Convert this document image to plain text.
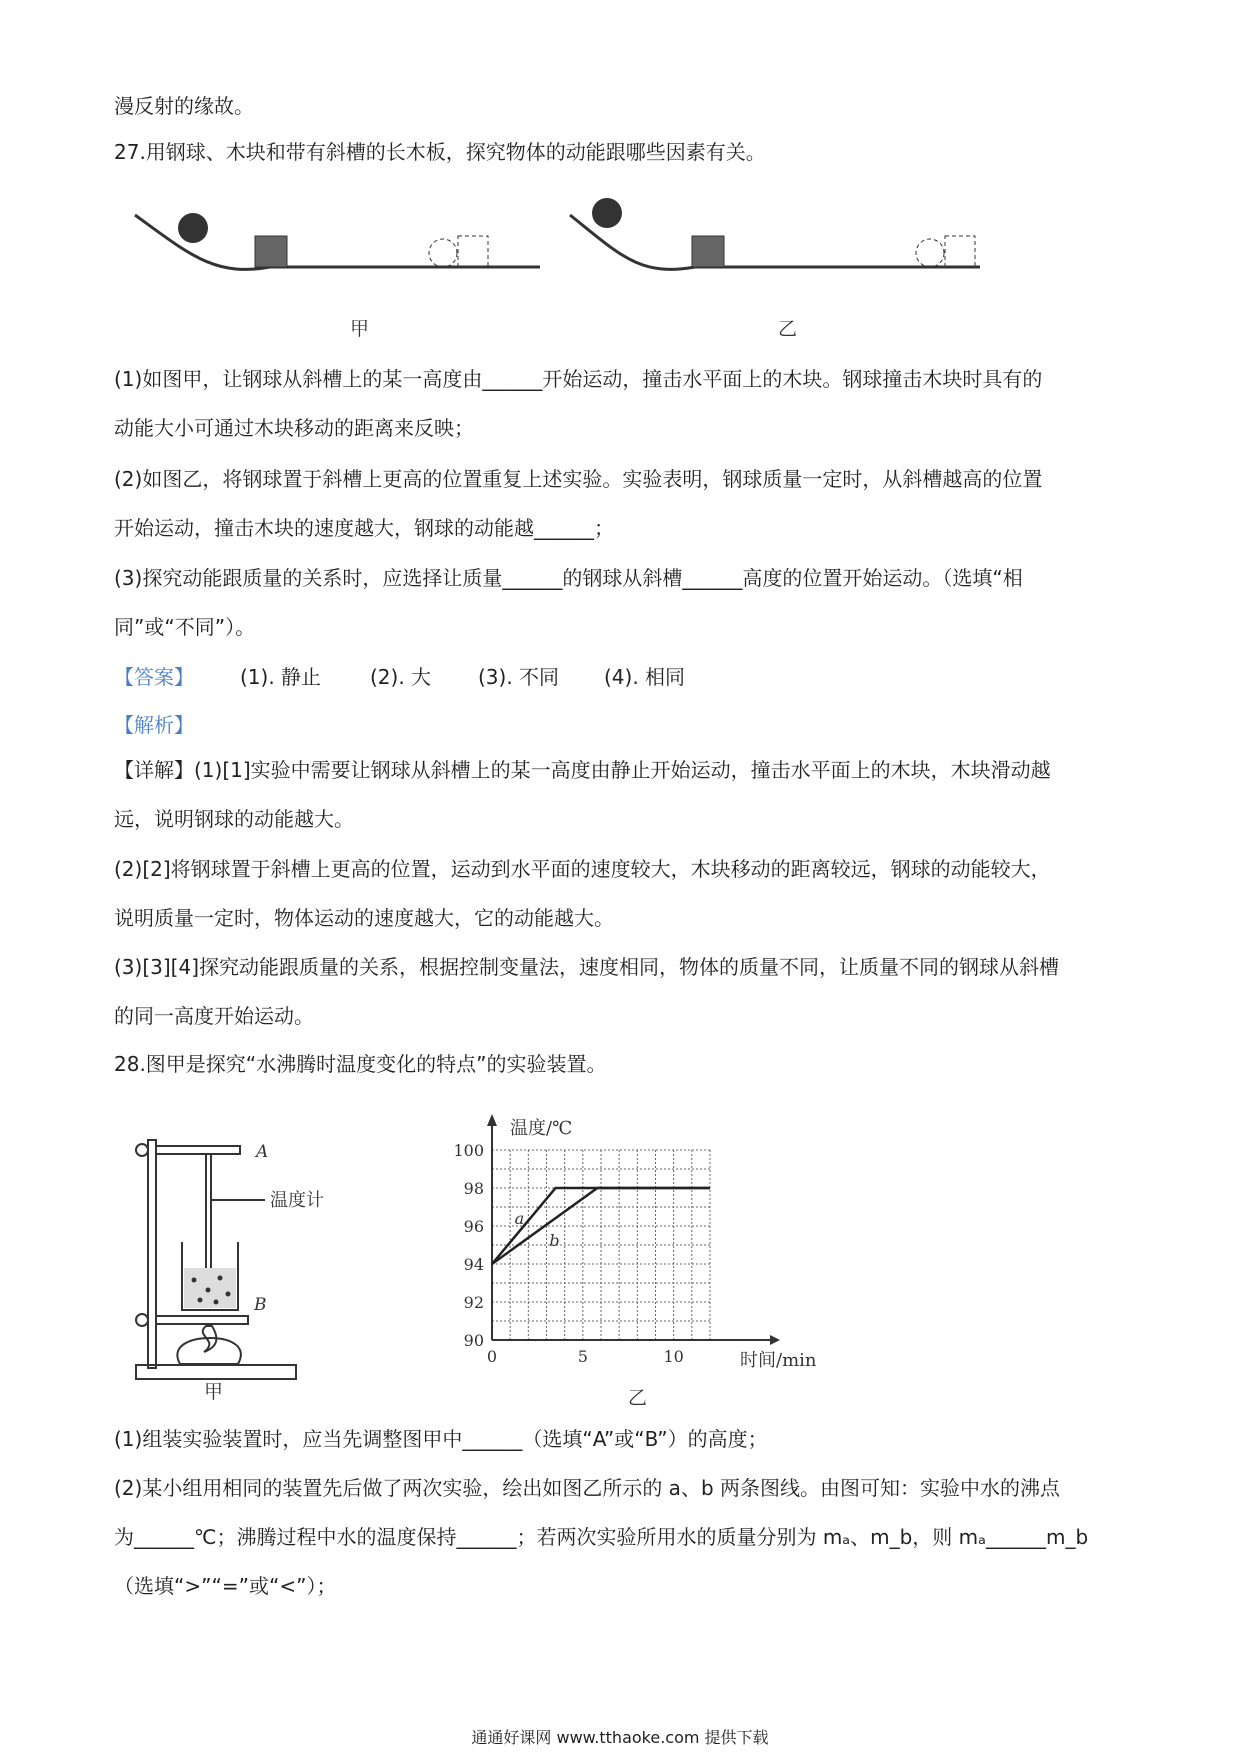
漫反射的缘故。
27.用钢球、木块和带有斜槽的长木板，探究物体的动能跟哪些因素有关。
甲	乙
(1)如图甲，让钢球从斜槽上的某一高度由______开始运动，撞击水平面上的木块。钢球撞击木块时具有的
动能大小可通过木块移动的距离来反映；
(2)如图乙，将钢球置于斜槽上更高的位置重复上述实验。实验表明，钢球质量一定时，从斜槽越高的位置
开始运动，撞击木块的速度越大，钢球的动能越______；
(3)探究动能跟质量的关系时，应选择让质量______的钢球从斜槽______高度的位置开始运动。（选填“相
同”或“不同”）。
【答案】 (1). 静止 (2). 大 (3). 不同 (4). 相同
【解析】
【详解】(1)[1]实验中需要让钢球从斜槽上的某一高度由静止开始运动，撞击水平面上的木块，木块滑动越
远，说明钢球的动能越大。
(2)[2]将钢球置于斜槽上更高的位置，运动到水平面的速度较大，木块移动的距离较远，钢球的动能较大，
说明质量一定时，物体运动的速度越大，它的动能越大。
(3)[3][4]探究动能跟质量的关系，根据控制变量法，速度相同，物体的质量不同，让质量不同的钢球从斜槽
的同一高度开始运动。
28.图甲是探究“水沸腾时温度变化的特点”的实验装置。
A
温度计
B
甲
90
92
94
96
98
100
0	5	10
a
b
温度/℃
时间/min
乙
(1)组装实验装置时，应当先调整图甲中______（选填“A”或“B”）的高度；
(2)某小组用相同的装置先后做了两次实验，绘出如图乙所示的 a、b 两条图线。由图可知：实验中水的沸点
为______℃；沸腾过程中水的温度保持______；若两次实验所用水的质量分别为 mₐ、m_b，则 mₐ______m_b
（选填“>”“=”或“<”）；
通通好课网 www.tthaoke.com 提供下载
